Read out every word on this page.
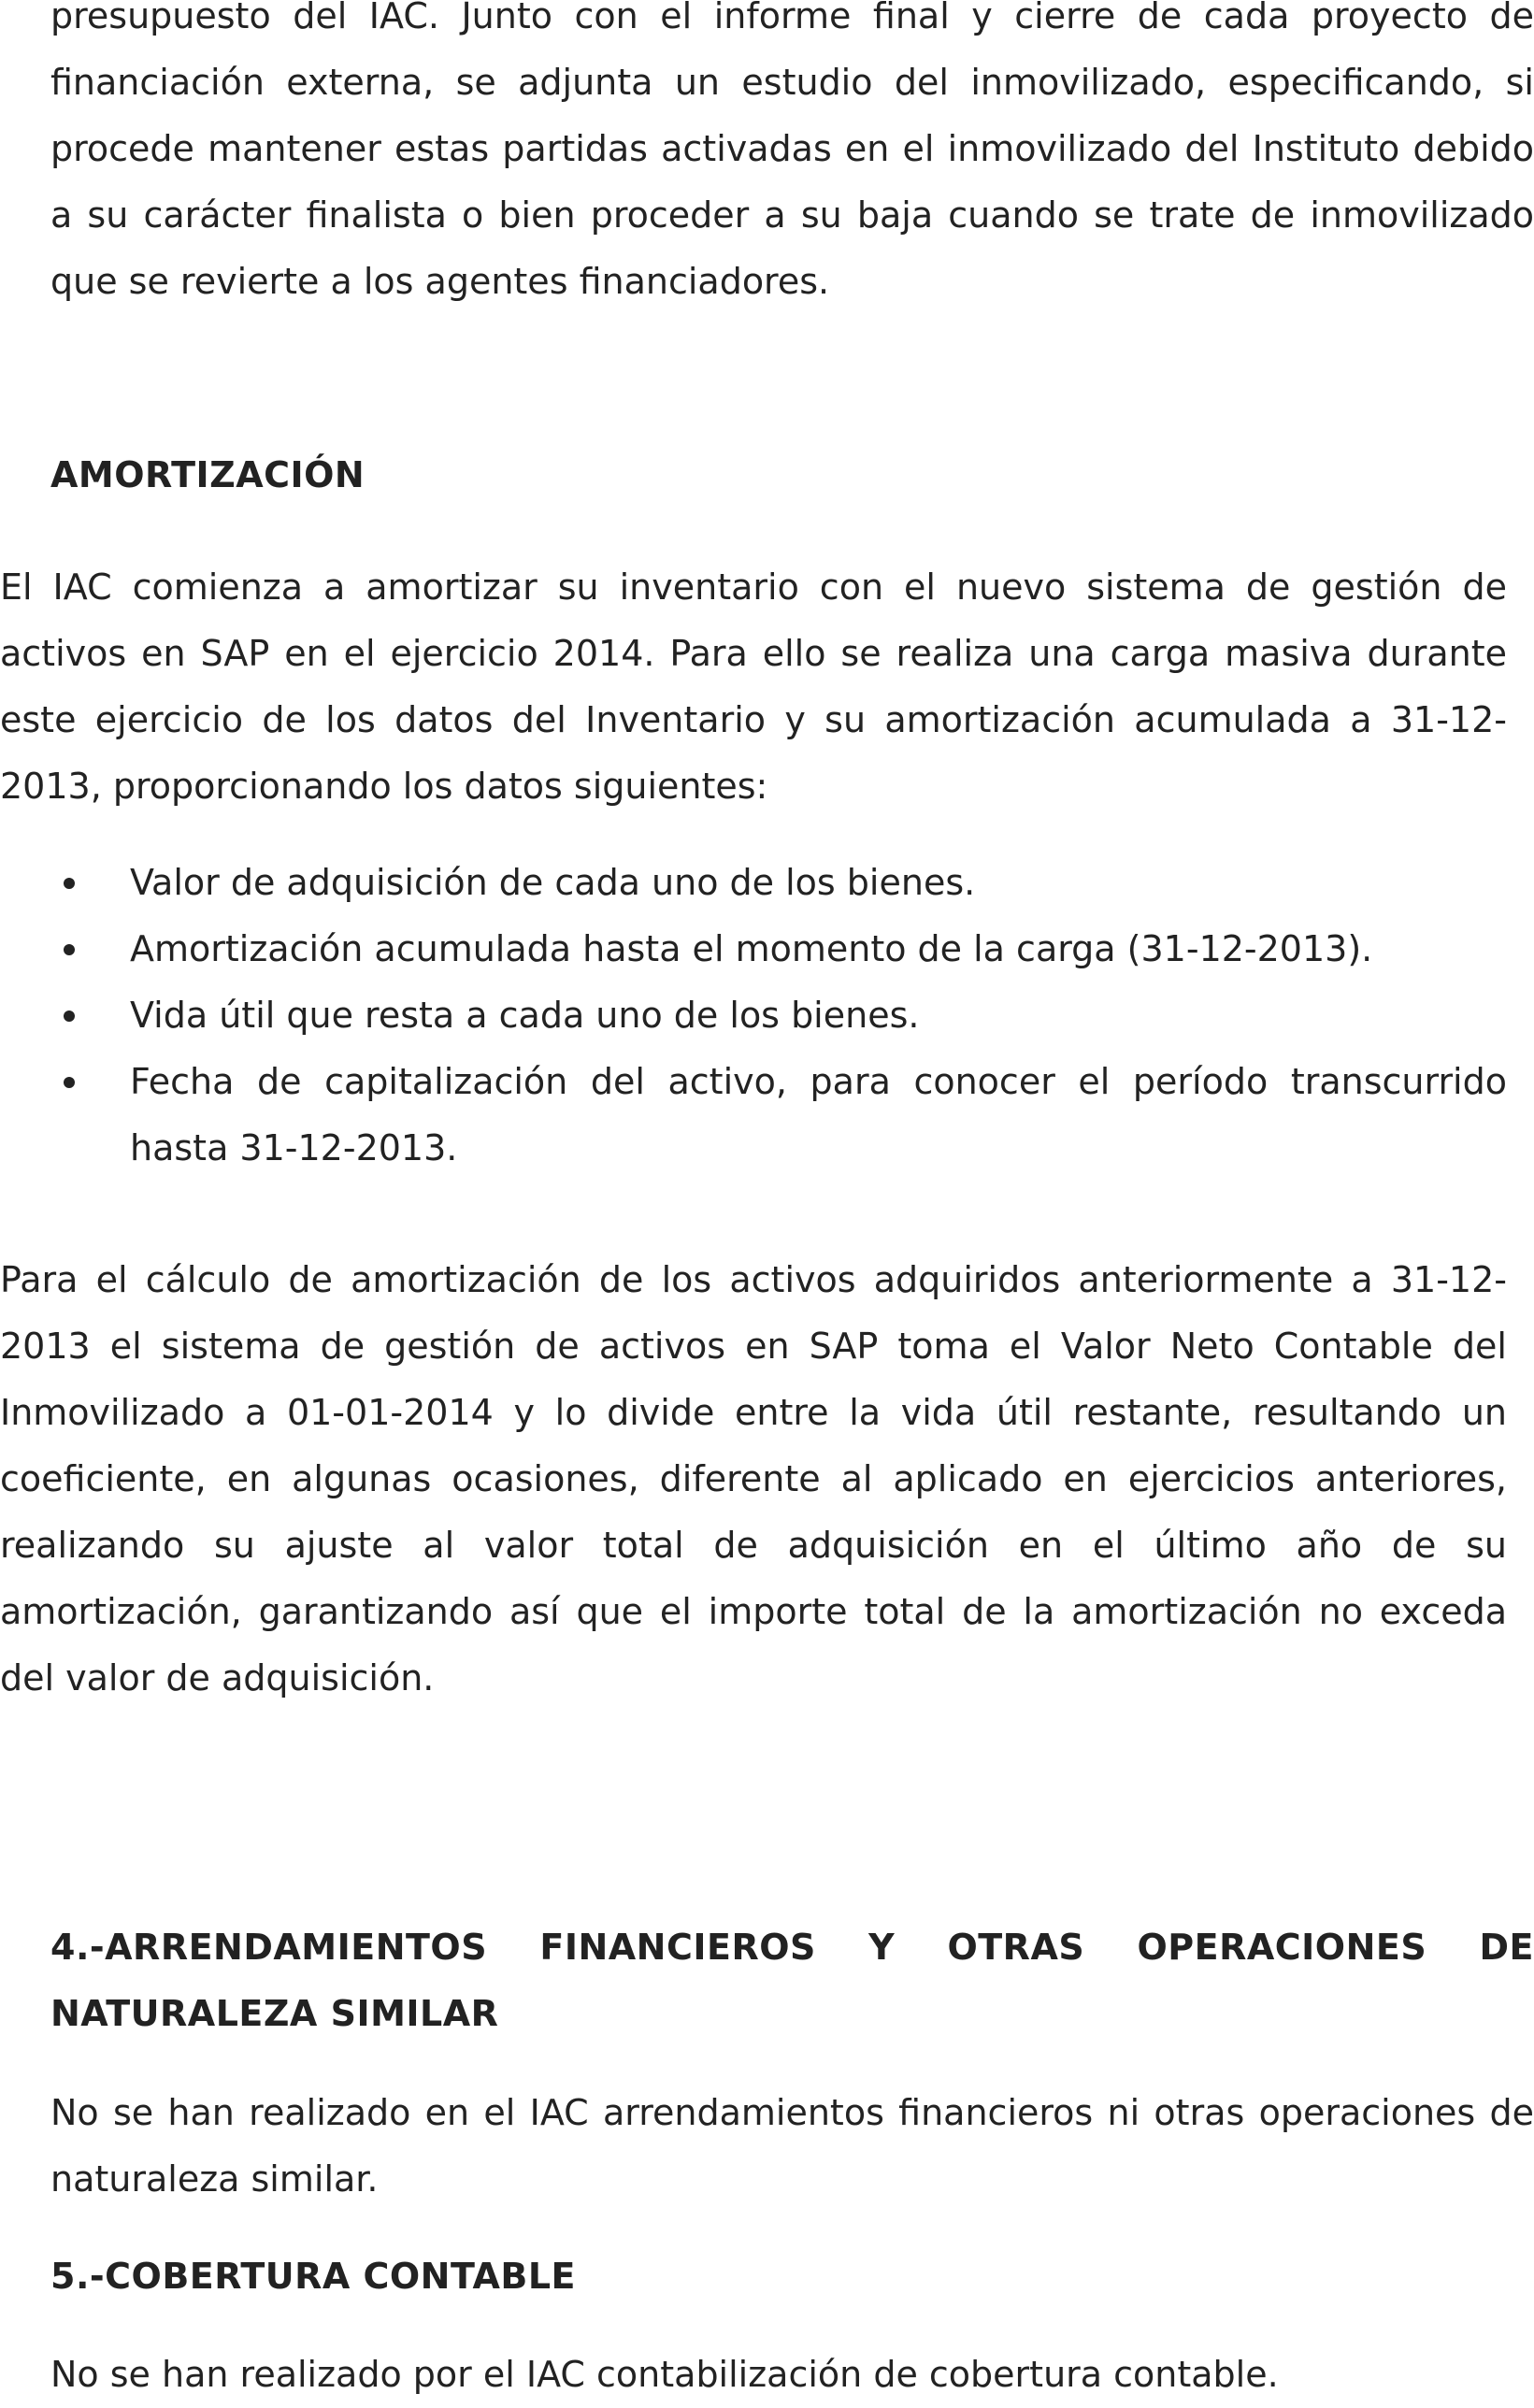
presupuesto del IAC. Junto con el informe final y cierre de cada proyecto de financiación externa, se adjunta un estudio del inmovilizado, especificando, si procede mantener estas partidas activadas en el inmovilizado del Instituto debido a su carácter finalista o bien proceder a su baja cuando se trate de inmovilizado que se revierte a los agentes financiadores.

AMORTIZACIÓN

El IAC comienza a amortizar su inventario con el nuevo sistema de gestión de activos en SAP en el ejercicio 2014. Para ello se realiza una carga masiva durante este ejercicio de los datos del Inventario y su amortización acumulada a 31-12-2013, proporcionando los datos siguientes:

Valor de adquisición de cada uno de los bienes.
Amortización acumulada hasta el momento de la carga (31-12-2013).
Vida útil que resta a cada uno de los bienes.
Fecha de capitalización del activo, para conocer el período transcurrido hasta 31-12-2013.

Para el cálculo de amortización de los activos adquiridos anteriormente a 31-12-2013 el sistema de gestión de activos en SAP toma el Valor Neto Contable del Inmovilizado a 01-01-2014 y lo divide entre la vida útil restante, resultando un coeficiente, en algunas ocasiones, diferente al aplicado en ejercicios anteriores, realizando su ajuste al valor total de adquisición en el último año de su amortización, garantizando así que el importe total de la amortización no exceda del valor de adquisición.

4.-ARRENDAMIENTOS FINANCIEROS Y OTRAS OPERACIONES DE NATURALEZA SIMILAR

No se han realizado en el IAC arrendamientos financieros ni otras operaciones de naturaleza similar.

5.-COBERTURA CONTABLE

No se han realizado por el IAC contabilización de cobertura contable.
